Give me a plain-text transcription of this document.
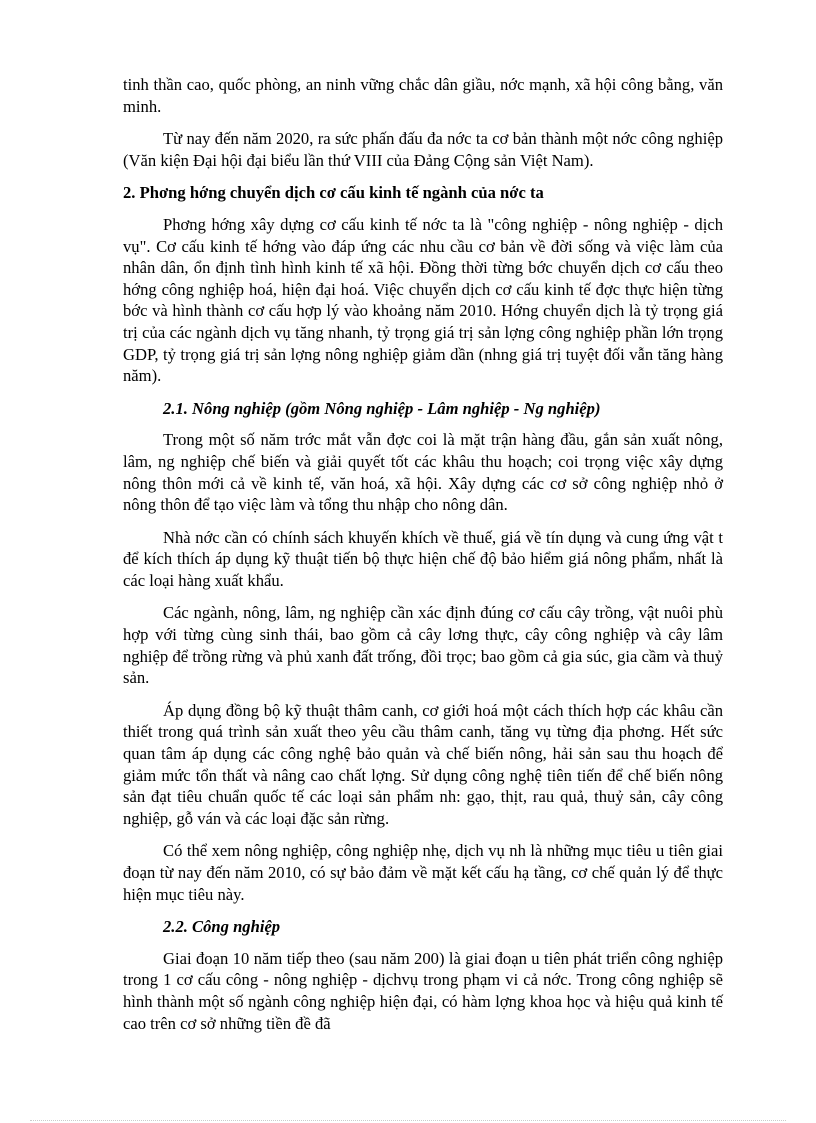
tinh thần cao, quốc phòng, an ninh vững chắc dân giầu, nớc mạnh, xã hội công bằng, văn minh.

Từ nay đến năm 2020, ra sức phấn đấu đa nớc ta cơ bản thành một nớc công nghiệp (Văn kiện Đại hội đại biểu lần thứ VIII của Đảng Cộng sản Việt Nam).

2. Phơng hớng chuyển dịch cơ cấu kinh tế ngành của nớc ta

Phơng hớng xây dựng cơ cấu kinh tế nớc ta là "công nghiệp - nông nghiệp - dịch vụ". Cơ cấu kinh tế hớng vào đáp ứng các nhu cầu cơ bản về đời sống và việc làm của nhân dân, ổn định tình hình kinh tế xã hội. Đồng thời từng bớc chuyển dịch cơ cấu theo hớng công nghiệp hoá, hiện đại hoá. Việc chuyển dịch cơ cấu kinh tế đợc thực hiện từng bớc và hình thành cơ cấu hợp lý vào khoảng năm 2010. Hớng chuyển dịch là tỷ trọng giá trị của các ngành dịch vụ tăng nhanh, tỷ trọng giá trị sản lợng công nghiệp phần lớn trọng GDP, tỷ trọng giá trị sản lợng nông nghiệp giảm dần (nhng giá trị tuyệt đối vẫn tăng hàng năm).

2.1. Nông nghiệp (gồm Nông nghiệp - Lâm nghiệp - Ng nghiệp)

Trong một số năm trớc mắt vẫn đợc coi là mặt trận hàng đầu, gắn sản xuất nông, lâm, ng nghiệp chế biến và giải quyết tốt các khâu thu hoạch; coi trọng việc xây dựng nông thôn mới cả về kinh tế, văn hoá, xã hội. Xây dựng các cơ sở công nghiệp nhỏ ở nông thôn để tạo việc làm và tổng thu nhập cho nông dân.

Nhà nớc cần có chính sách khuyến khích về thuế, giá về tín dụng và cung ứng vật t để kích thích áp dụng kỹ thuật tiến bộ thực hiện chế độ bảo hiểm giá nông phẩm, nhất là các loại hàng xuất khẩu.

Các ngành, nông, lâm, ng nghiệp cần xác định đúng cơ cấu cây trồng, vật nuôi phù hợp với từng cùng sinh thái, bao gồm cả cây lơng thực, cây công nghiệp và cây lâm nghiệp để trồng rừng và phủ xanh đất trống, đồi trọc; bao gồm cả gia súc, gia cầm và thuỷ sản.

Áp dụng đồng bộ kỹ thuật thâm canh, cơ giới hoá một cách thích hợp các khâu cần thiết trong quá trình sản xuất theo yêu cầu thâm canh, tăng vụ từng địa phơng. Hết sức quan tâm áp dụng các công nghệ bảo quản và chế biến nông, hải sản sau thu hoạch để giảm mức tổn thất và nâng cao chất lợng. Sử dụng công nghệ tiên tiến để chế biến nông sản đạt tiêu chuẩn quốc tế các loại sản phẩm nh: gạo, thịt, rau quả, thuỷ sản, cây công nghiệp, gỗ ván và các loại đặc sản rừng.

Có thể xem nông nghiệp, công nghiệp nhẹ, dịch vụ nh là những mục tiêu u tiên giai đoạn từ nay đến năm 2010, có sự bảo đảm về mặt kết cấu hạ tầng, cơ chế quản lý để thực hiện mục tiêu này.

2.2. Công nghiệp

Giai đoạn 10 năm tiếp theo (sau năm 200) là giai đoạn u tiên phát triển công nghiệp trong 1 cơ cấu công - nông nghiệp - dịchvụ trong phạm vi cả nớc. Trong công nghiệp sẽ hình thành một số ngành công nghiệp hiện đại, có hàm lợng khoa học và hiệu quả kinh tế cao trên cơ sở những tiền đề đã
